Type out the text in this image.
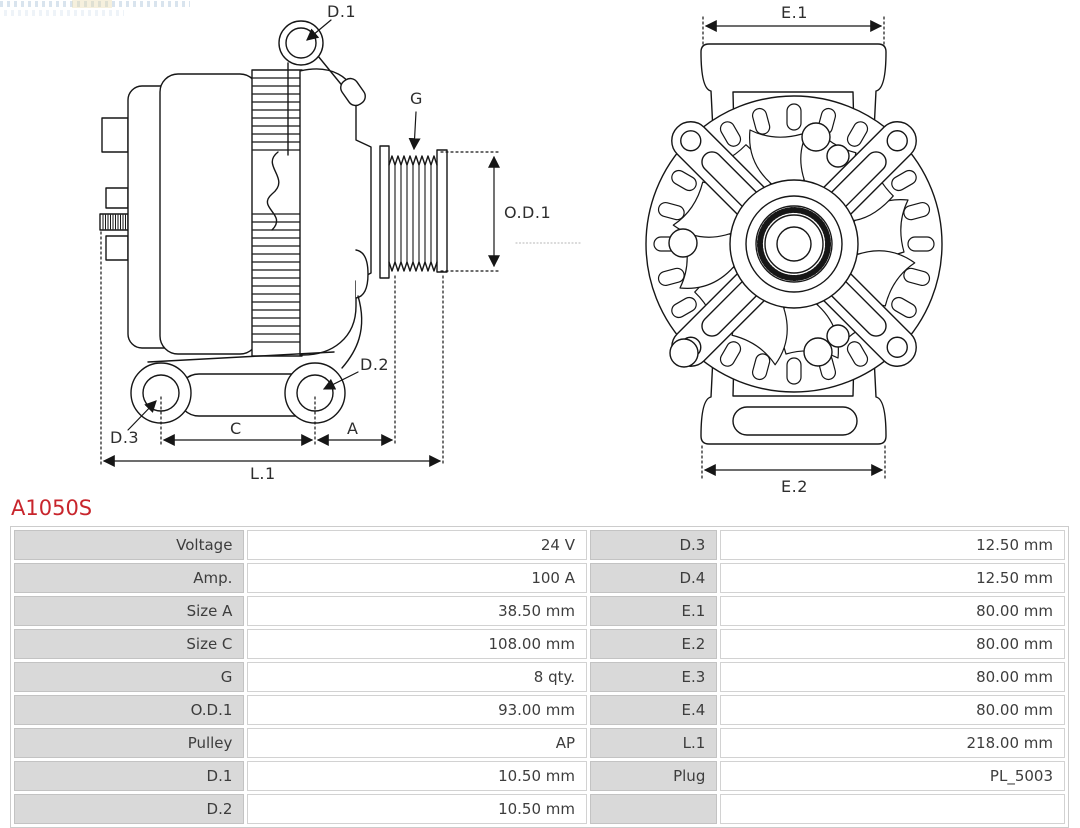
D.1
G
O.D.1
D.2
D.3	C	A
L.1
E.1
E.2
A1050S
Voltage	24 V	D.3	12.50 mm
Amp.	100 A	D.4	12.50 mm
Size A	38.50 mm	E.1	80.00 mm
Size C	108.00 mm	E.2	80.00 mm
G	8 qty.	E.3	80.00 mm
O.D.1	93.00 mm	E.4	80.00 mm
Pulley	AP	L.1	218.00 mm
D.1	10.50 mm	Plug	PL_5003
D.2	10.50 mm		
